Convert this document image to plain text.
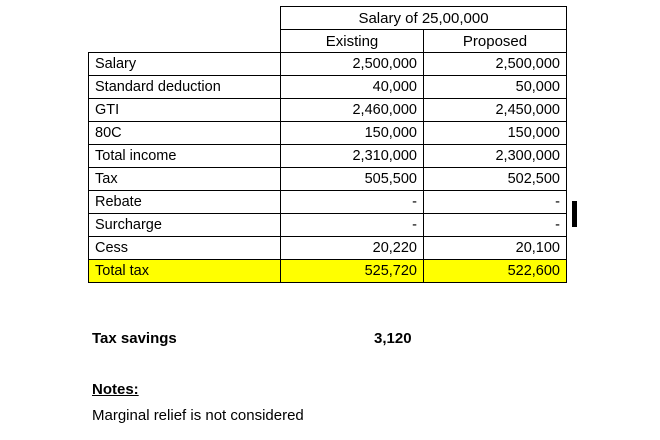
	Salary of 25,00,000	
	Existing	Proposed
Salary	2,500,000	2,500,000
Standard deduction	40,000	50,000
GTI	2,460,000	2,450,000
80C	150,000	150,000
Total income	2,310,000	2,300,000
Tax	505,500	502,500
Rebate	-	-
Surcharge	-	-
Cess	20,220	20,100
Total tax	525,720	522,600
Tax savings	3,120
Notes:
Marginal relief is not considered
